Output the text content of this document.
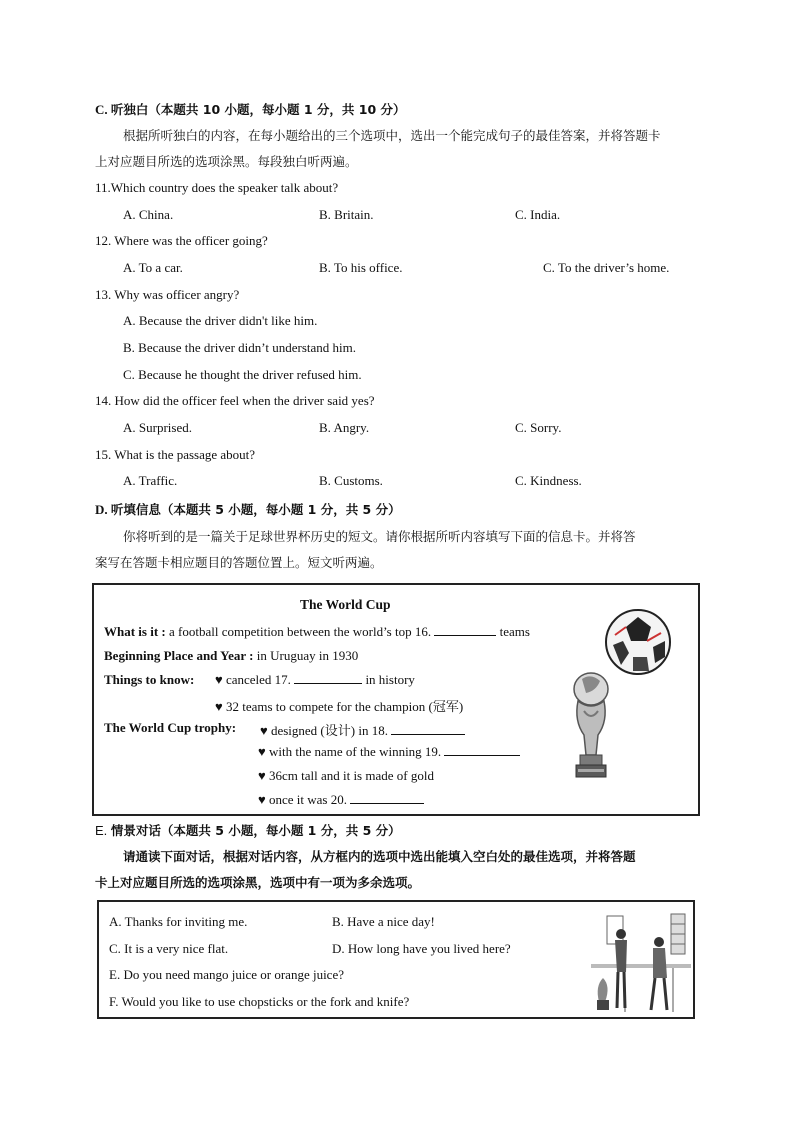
C. 听独白（本题共 10 小题，每小题 1 分，共 10 分）
根据所听独白的内容，在每小题给出的三个选项中，选出一个能完成句子的最佳答案，并将答题卡
上对应题目所选的选项涂黑。每段独白听两遍。
11.Which country does the speaker talk about?
A. China.	B. Britain.	C. India.
12. Where was the officer going?
A. To a car.	B. To his office.	C. To the driver’s home.
13. Why was officer angry?
A. Because the driver didn't like him.
B. Because the driver didn’t understand him.
C. Because he thought the driver refused him.
14. How did the officer feel when the driver said yes?
A. Surprised.	B. Angry.	C. Sorry.
15. What is the passage about?
A. Traffic.	B. Customs.	C. Kindness.
D. 听填信息（本题共 5 小题，每小题 1 分，共 5 分）
你将听到的是一篇关于足球世界杯历史的短文。请你根据所听内容填写下面的信息卡。并将答
案写在答题卡相应题目的答题位置上。短文听两遍。
The World Cup
What is it : a football competition between the world’s top 16.	teams
Beginning Place and Year : in Uruguay in 1930
Things to know: ♥ canceled 17.	in history
♥ 32 teams to compete for the champion (冠军)
The World Cup trophy: ♥ designed (设计) in 18.
♥ with the name of the winning 19.
♥ 36cm tall and it is made of gold
♥ once it was 20.
E. 情景对话（本题共 5 小题，每小题 1 分，共 5 分）
请通读下面对话，根据对话内容，从方框内的选项中选出能填入空白处的最佳选项，并将答题
卡上对应题目所选的选项涂黑，选项中有一项为多余选项。
A. Thanks for inviting me.	B. Have a nice day!
C. It is a very nice flat.	D. How long have you lived here?
E. Do you need mango juice or orange juice?
F. Would you like to use chopsticks or the fork and knife?
